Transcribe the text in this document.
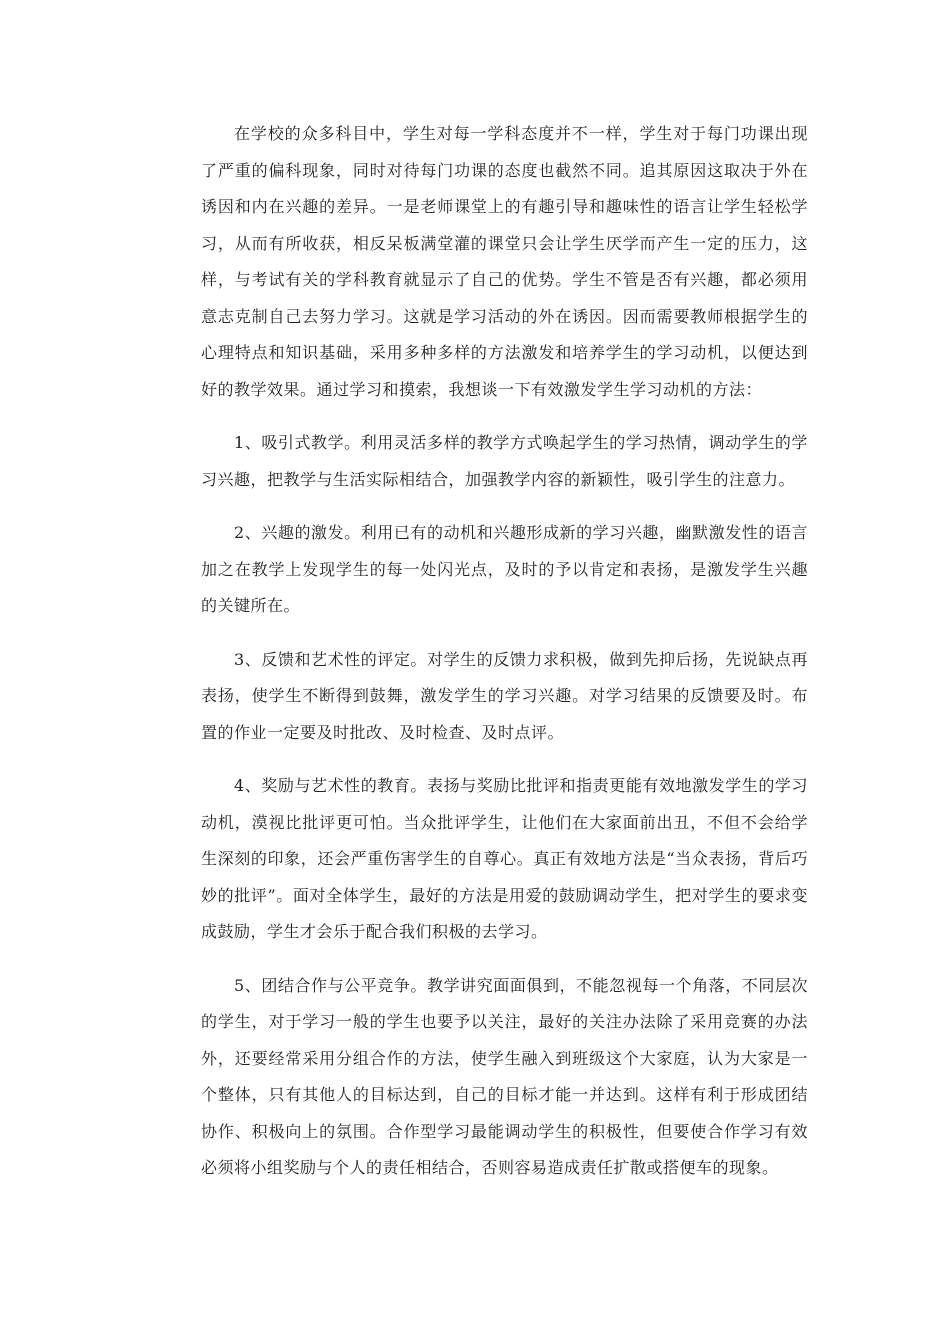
在学校的众多科目中，学生对每一学科态度并不一样，学生对于每门功课出现了严重的偏科现象，同时对待每门功课的态度也截然不同。追其原因这取决于外在诱因和内在兴趣的差异。一是老师课堂上的有趣引导和趣味性的语言让学生轻松学习，从而有所收获，相反呆板满堂灌的课堂只会让学生厌学而产生一定的压力，这样，与考试有关的学科教育就显示了自己的优势。学生不管是否有兴趣，都必须用意志克制自己去努力学习。这就是学习活动的外在诱因。因而需要教师根据学生的心理特点和知识基础，采用多种多样的方法激发和培养学生的学习动机，以便达到好的教学效果。通过学习和摸索，我想谈一下有效激发学生学习动机的方法：

1、吸引式教学。利用灵活多样的教学方式唤起学生的学习热情，调动学生的学习兴趣，把教学与生活实际相结合，加强教学内容的新颖性，吸引学生的注意力。

2、兴趣的激发。利用已有的动机和兴趣形成新的学习兴趣，幽默激发性的语言加之在教学上发现学生的每一处闪光点，及时的予以肯定和表扬，是激发学生兴趣的关键所在。

3、反馈和艺术性的评定。对学生的反馈力求积极，做到先抑后扬，先说缺点再表扬，使学生不断得到鼓舞，激发学生的学习兴趣。对学习结果的反馈要及时。布置的作业一定要及时批改、及时检查、及时点评。

4、奖励与艺术性的教育。表扬与奖励比批评和指责更能有效地激发学生的学习动机，漠视比批评更可怕。当众批评学生，让他们在大家面前出丑，不但不会给学生深刻的印象，还会严重伤害学生的自尊心。真正有效地方法是“当众表扬，背后巧妙的批评”。面对全体学生，最好的方法是用爱的鼓励调动学生，把对学生的要求变成鼓励，学生才会乐于配合我们积极的去学习。

5、团结合作与公平竞争。教学讲究面面俱到，不能忽视每一个角落，不同层次的学生，对于学习一般的学生也要予以关注，最好的关注办法除了采用竞赛的办法外，还要经常采用分组合作的方法，使学生融入到班级这个大家庭，认为大家是一个整体，只有其他人的目标达到，自己的目标才能一并达到。这样有利于形成团结协作、积极向上的氛围。合作型学习最能调动学生的积极性，但要使合作学习有效必须将小组奖励与个人的责任相结合，否则容易造成责任扩散或搭便车的现象。
